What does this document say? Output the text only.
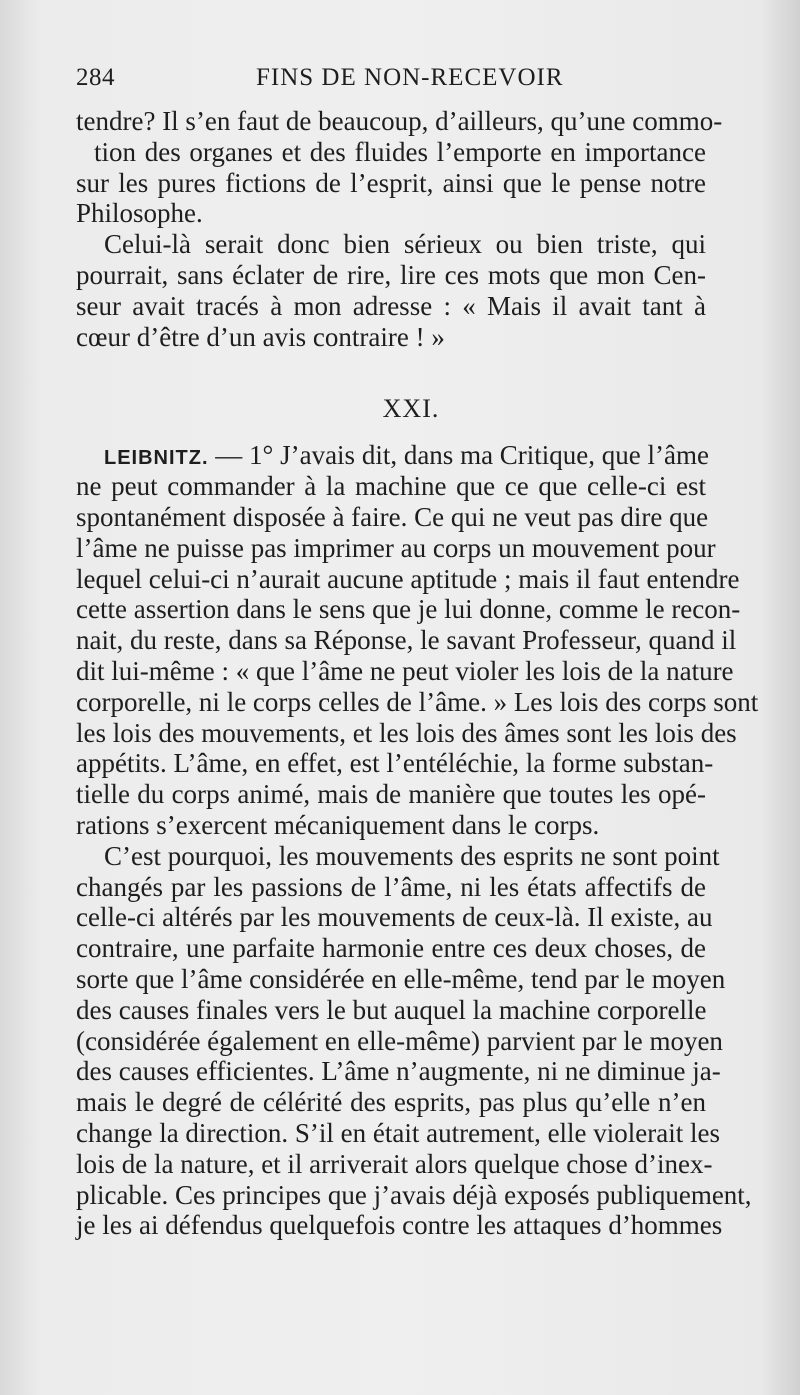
284	FINS DE NON-RECEVOIR
tendre? Il s’en faut de beaucoup, d’ailleurs, qu’une commo-
tion des organes et des fluides l’emporte en importance
sur les pures fictions de l’esprit, ainsi que le pense notre
Philosophe.
Celui-là serait donc bien sérieux ou bien triste, qui
pourrait, sans éclater de rire, lire ces mots que mon Cen-
seur avait tracés à mon adresse : « Mais il avait tant à
cœur d’être d’un avis contraire ! »
XXI.
LEIBNITZ. — 1° J’avais dit, dans ma Critique, que l’âme
ne peut commander à la machine que ce que celle-ci est
spontanément disposée à faire. Ce qui ne veut pas dire que
l’âme ne puisse pas imprimer au corps un mouvement pour
lequel celui-ci n’aurait aucune aptitude ; mais il faut entendre
cette assertion dans le sens que je lui donne, comme le recon-
nait, du reste, dans sa Réponse, le savant Professeur, quand il
dit lui-même : « que l’âme ne peut violer les lois de la nature
corporelle, ni le corps celles de l’âme. » Les lois des corps sont
les lois des mouvements, et les lois des âmes sont les lois des
appétits. L’âme, en effet, est l’entéléchie, la forme substan-
tielle du corps animé, mais de manière que toutes les opé-
rations s’exercent mécaniquement dans le corps.
C’est pourquoi, les mouvements des esprits ne sont point
changés par les passions de l’âme, ni les états affectifs de
celle-ci altérés par les mouvements de ceux-là. Il existe, au
contraire, une parfaite harmonie entre ces deux choses, de
sorte que l’âme considérée en elle-même, tend par le moyen
des causes finales vers le but auquel la machine corporelle
(considérée également en elle-même) parvient par le moyen
des causes efficientes. L’âme n’augmente, ni ne diminue ja-
mais le degré de célérité des esprits, pas plus qu’elle n’en
change la direction. S’il en était autrement, elle violerait les
lois de la nature, et il arriverait alors quelque chose d’inex-
plicable. Ces principes que j’avais déjà exposés publiquement,
je les ai défendus quelquefois contre les attaques d’hommes
